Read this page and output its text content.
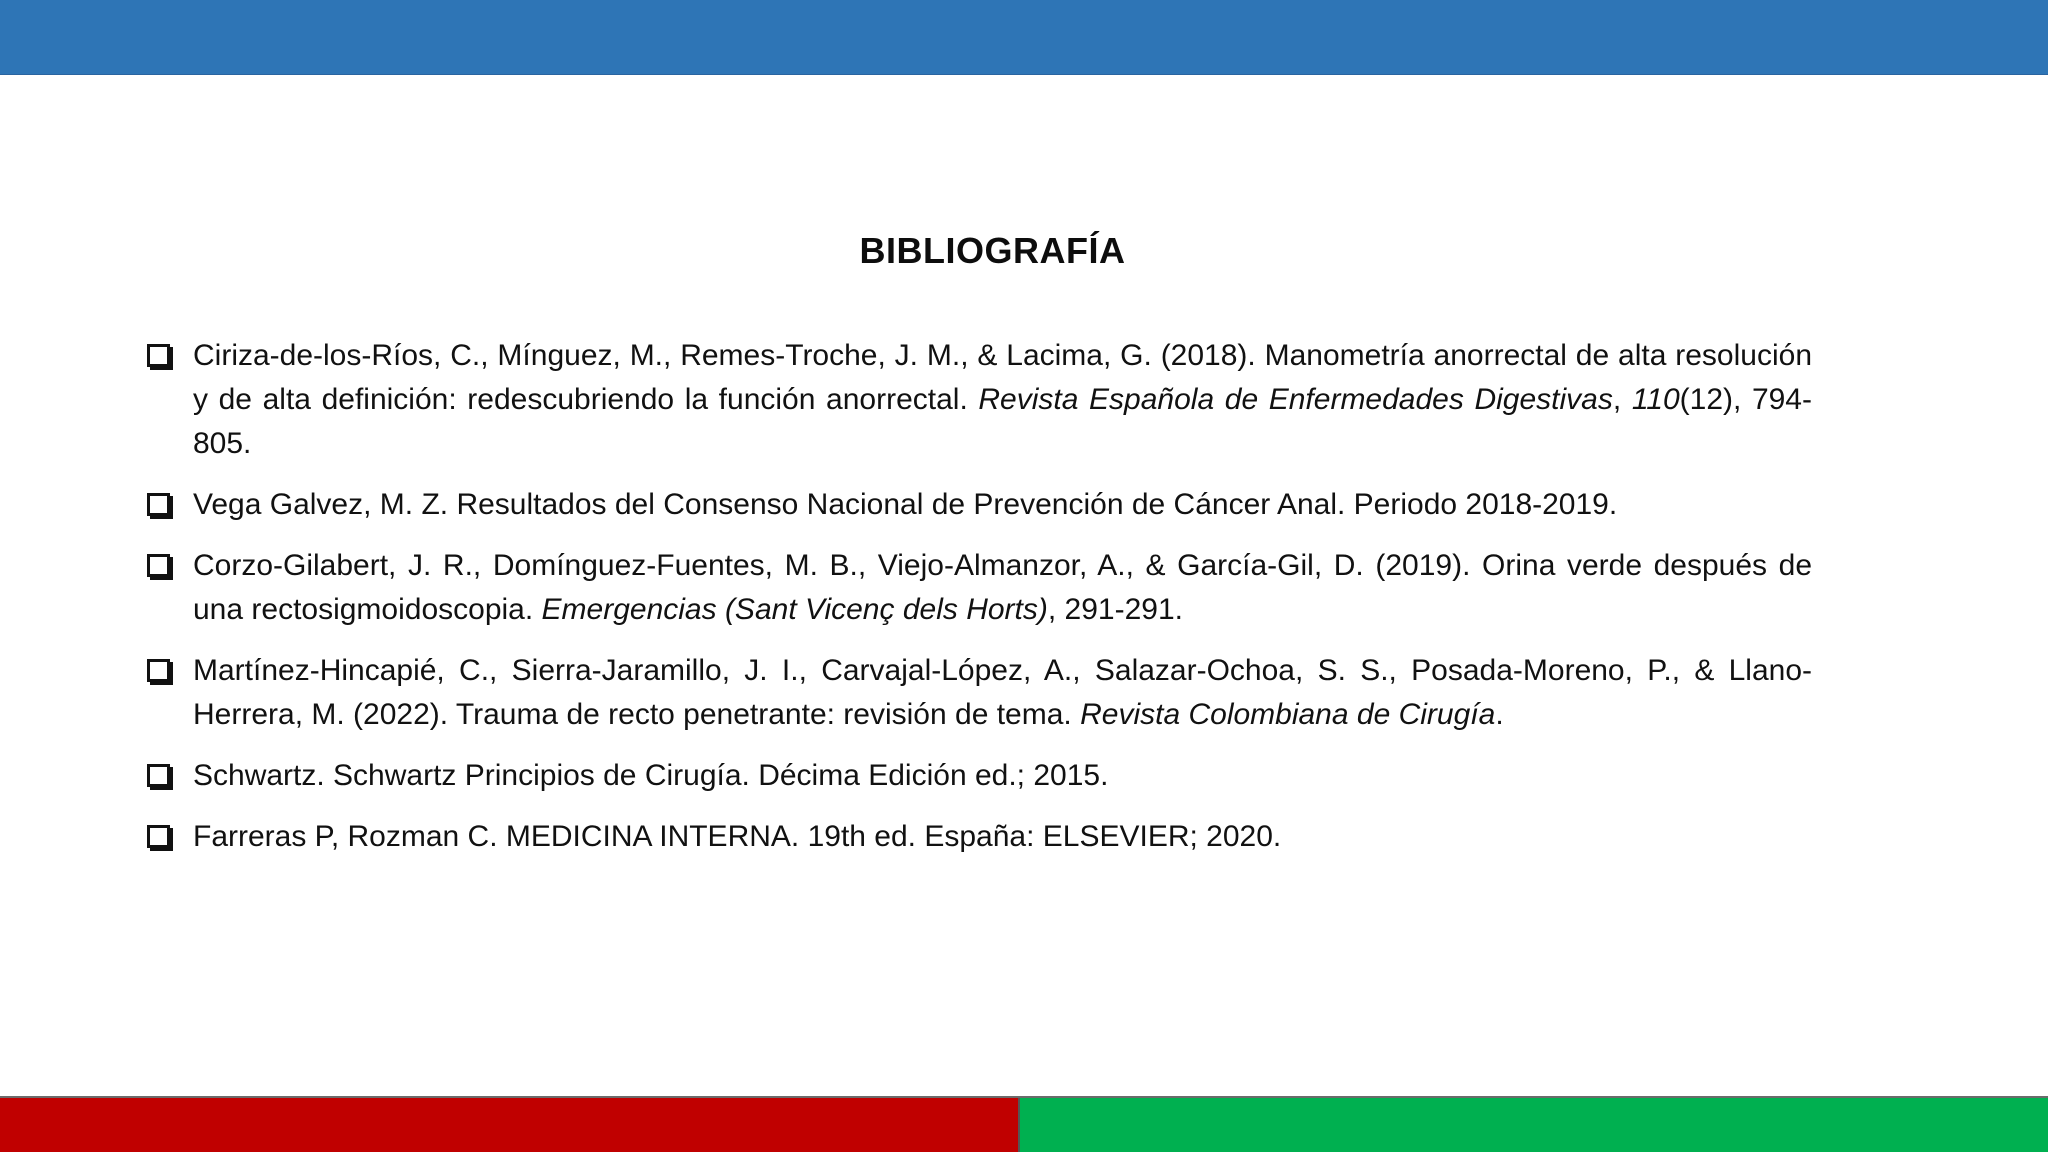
BIBLIOGRAFÍA
Ciriza-de-los-Ríos, C., Mínguez, M., Remes-Troche, J. M., & Lacima, G. (2018). Manometría anorrectal de alta resolución y de alta definición: redescubriendo la función anorrectal. Revista Española de Enfermedades Digestivas, 110(12), 794-805.
Vega Galvez, M. Z. Resultados del Consenso Nacional de Prevención de Cáncer Anal. Periodo 2018-2019.
Corzo-Gilabert, J. R., Domínguez-Fuentes, M. B., Viejo-Almanzor, A., & García-Gil, D. (2019). Orina verde después de una rectosigmoidoscopia. Emergencias (Sant Vicenç dels Horts), 291-291.
Martínez-Hincapié, C., Sierra-Jaramillo, J. I., Carvajal-López, A., Salazar-Ochoa, S. S., Posada-Moreno, P., & Llano-Herrera, M. (2022). Trauma de recto penetrante: revisión de tema. Revista Colombiana de Cirugía.
Schwartz. Schwartz Principios de Cirugía. Décima Edición ed.; 2015.
Farreras P, Rozman C. MEDICINA INTERNA. 19th ed. España: ELSEVIER; 2020.
